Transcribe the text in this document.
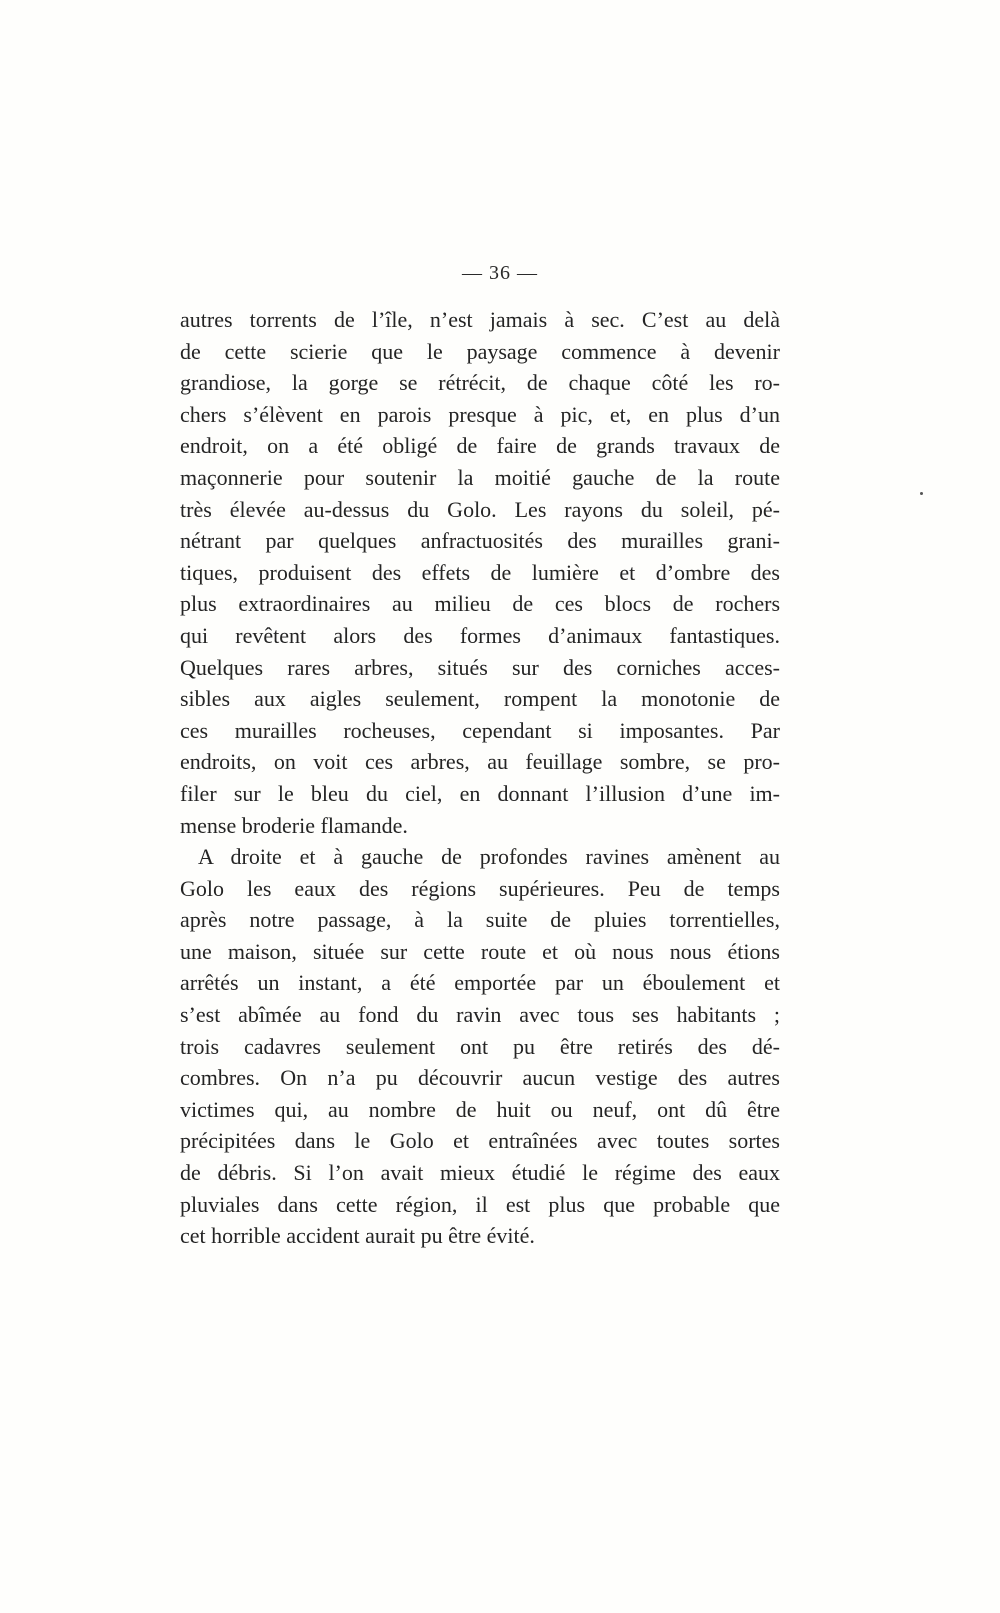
— 36 —
autres torrents de l’île, n’est jamais à sec. C’est au delà
de cette scierie que le paysage commence à devenir
grandiose, la gorge se rétrécit, de chaque côté les ro-
chers s’élèvent en parois presque à pic, et, en plus d’un
endroit, on a été obligé de faire de grands travaux de
maçonnerie pour soutenir la moitié gauche de la route
très élevée au-dessus du Golo. Les rayons du soleil, pé-
nétrant par quelques anfractuosités des murailles grani-
tiques, produisent des effets de lumière et d’ombre des
plus extraordinaires au milieu de ces blocs de rochers
qui revêtent alors des formes d’animaux fantastiques.
Quelques rares arbres, situés sur des corniches acces-
sibles aux aigles seulement, rompent la monotonie de
ces murailles rocheuses, cependant si imposantes. Par
endroits, on voit ces arbres, au feuillage sombre, se pro-
filer sur le bleu du ciel, en donnant l’illusion d’une im-
mense broderie flamande.
A droite et à gauche de profondes ravines amènent au
Golo les eaux des régions supérieures. Peu de temps
après notre passage, à la suite de pluies torrentielles,
une maison, située sur cette route et où nous nous étions
arrêtés un instant, a été emportée par un éboulement et
s’est abîmée au fond du ravin avec tous ses habitants ;
trois cadavres seulement ont pu être retirés des dé-
combres. On n’a pu découvrir aucun vestige des autres
victimes qui, au nombre de huit ou neuf, ont dû être
précipitées dans le Golo et entraînées avec toutes sortes
de débris. Si l’on avait mieux étudié le régime des eaux
pluviales dans cette région, il est plus que probable que
cet horrible accident aurait pu être évité.
